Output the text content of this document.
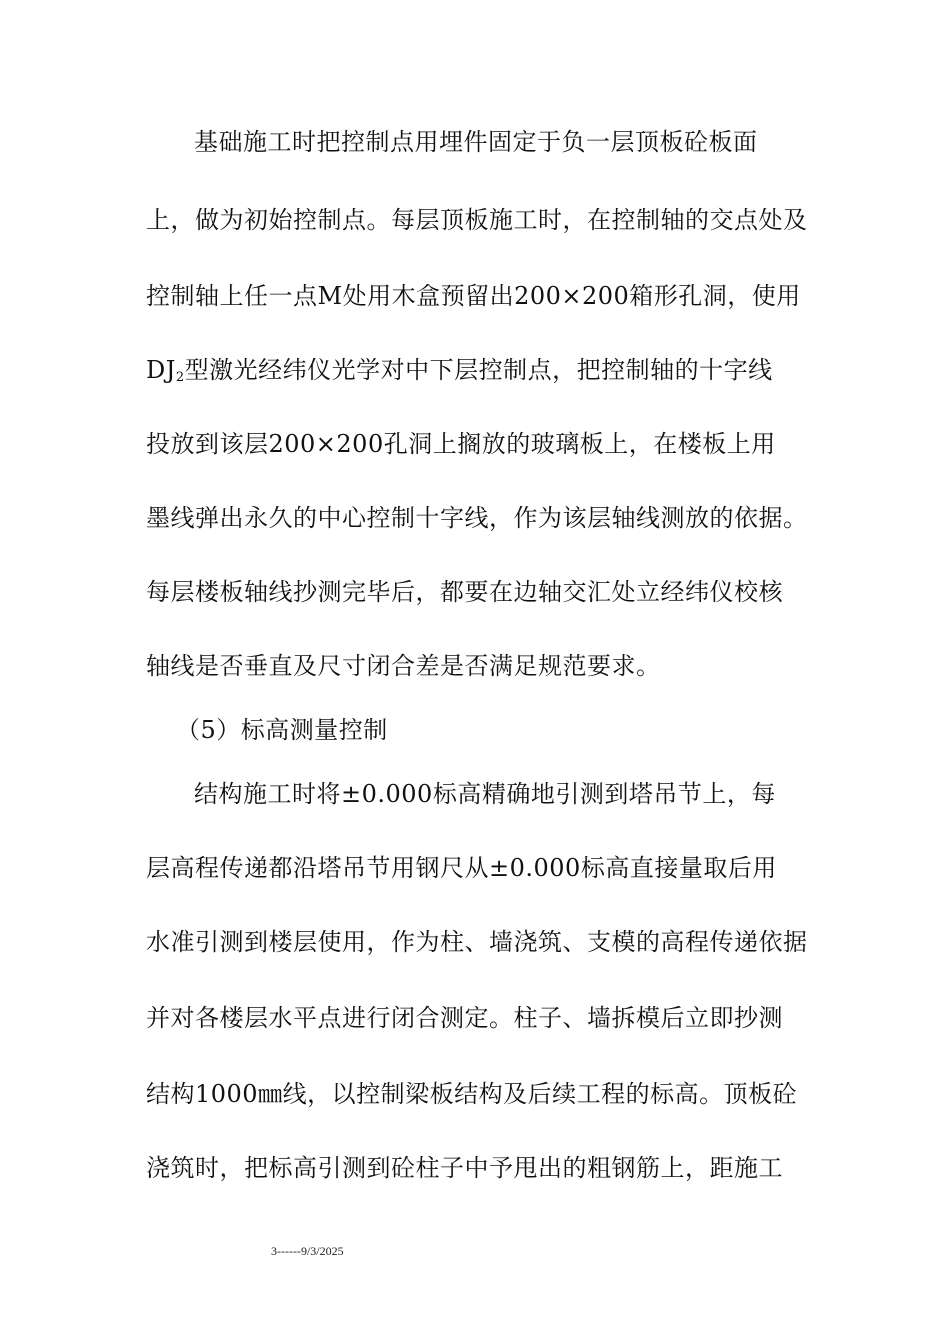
基础施工时把控制点用埋件固定于负一层顶板砼板面
上，做为初始控制点。每层顶板施工时，在控制轴的交点处及
控制轴上任一点M处用木盒预留出200×200箱形孔洞，使用
$DJ_2$型激光经纬仪光学对中下层控制点，把控制轴的十字线
投放到该层200×200孔洞上搁放的玻璃板上，在楼板上用
墨线弹出永久的中心控制十字线，作为该层轴线测放的依据。
每层楼板轴线抄测完毕后，都要在边轴交汇处立经纬仪校核
轴线是否垂直及尺寸闭合差是否满足规范要求。
（5）标高测量控制
结构施工时将±0.000标高精确地引测到塔吊节上，每
层高程传递都沿塔吊节用钢尺从±0.000标高直接量取后用
水准引测到楼层使用，作为柱、墙浇筑、支模的高程传递依据
并对各楼层水平点进行闭合测定。柱子、墙拆模后立即抄测
结构1000㎜线，以控制梁板结构及后续工程的标高。顶板砼
浇筑时，把标高引测到砼柱子中予甩出的粗钢筋上，距施工
3------9/3/2025
